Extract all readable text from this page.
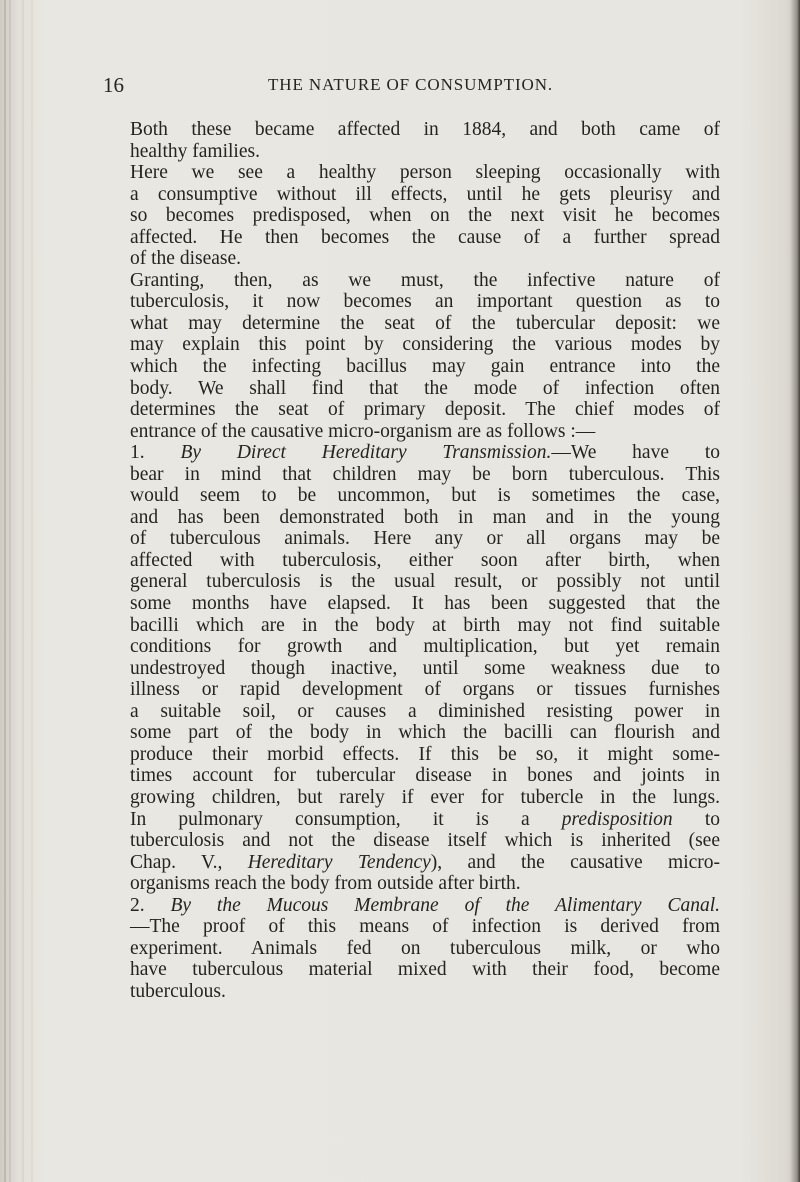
16	THE NATURE OF CONSUMPTION.
Both these became affected in 1884, and both came of
healthy families.
Here we see a healthy person sleeping occasionally with
a consumptive without ill effects, until he gets pleurisy and
so becomes predisposed, when on the next visit he becomes
affected. He then becomes the cause of a further spread
of the disease.
Granting, then, as we must, the infective nature of
tuberculosis, it now becomes an important question as to
what may determine the seat of the tubercular deposit: we
may explain this point by considering the various modes by
which the infecting bacillus may gain entrance into the
body. We shall find that the mode of infection often
determines the seat of primary deposit. The chief modes of
entrance of the causative micro-organism are as follows :—
1. By Direct Hereditary Transmission.—We have to
bear in mind that children may be born tuberculous. This
would seem to be uncommon, but is sometimes the case,
and has been demonstrated both in man and in the young
of tuberculous animals. Here any or all organs may be
affected with tuberculosis, either soon after birth, when
general tuberculosis is the usual result, or possibly not until
some months have elapsed. It has been suggested that the
bacilli which are in the body at birth may not find suitable
conditions for growth and multiplication, but yet remain
undestroyed though inactive, until some weakness due to
illness or rapid development of organs or tissues furnishes
a suitable soil, or causes a diminished resisting power in
some part of the body in which the bacilli can flourish and
produce their morbid effects. If this be so, it might some-
times account for tubercular disease in bones and joints in
growing children, but rarely if ever for tubercle in the lungs.
In pulmonary consumption, it is a predisposition to
tuberculosis and not the disease itself which is inherited (see
Chap. V., Hereditary Tendency), and the causative micro-
organisms reach the body from outside after birth.
2. By the Mucous Membrane of the Alimentary Canal.
—The proof of this means of infection is derived from
experiment. Animals fed on tuberculous milk, or who
have tuberculous material mixed with their food, become
tuberculous.
